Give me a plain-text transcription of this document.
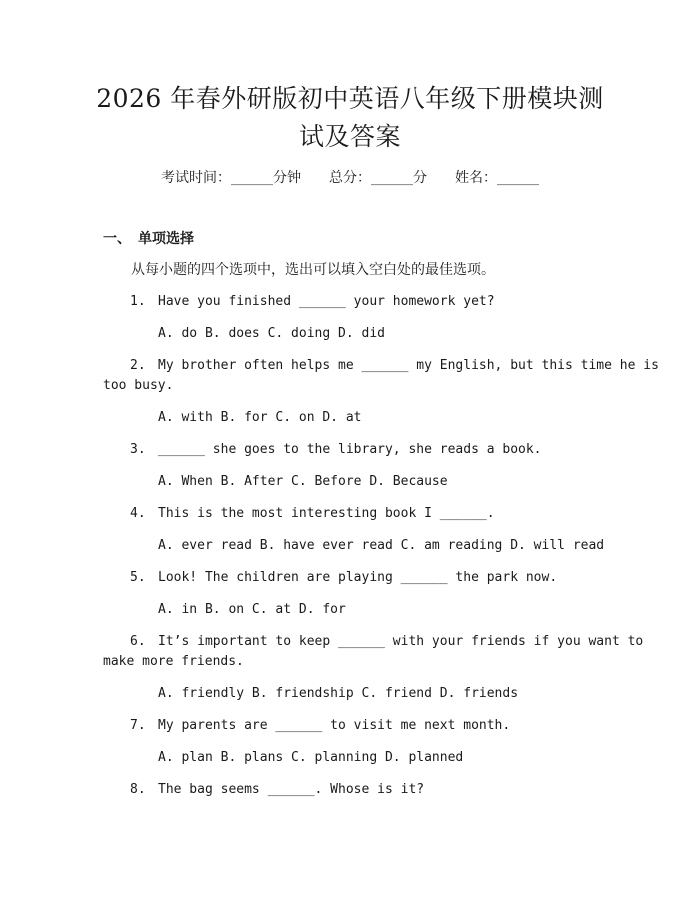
2026 年春外研版初中英语八年级下册模块测
试及答案
考试时间：______分钟　　总分：______分　　姓名：______
一、　单项选择
从每小题的四个选项中，选出可以填入空白处的最佳选项。
1. Have you finished ______ your homework yet?
A. do B. does C. doing D. did
2. My brother often helps me ______ my English, but this time he is
too busy.
A. with B. for C. on D. at
3. ______ she goes to the library, she reads a book.
A. When B. After C. Before D. Because
4. This is the most interesting book I ______.
A. ever read B. have ever read C. am reading D. will read
5. Look! The children are playing ______ the park now.
A. in B. on C. at D. for
6. It’s important to keep ______ with your friends if you want to
make more friends.
A. friendly B. friendship C. friend D. friends
7. My parents are ______ to visit me next month.
A. plan B. plans C. planning D. planned
8. The bag seems ______. Whose is it?
